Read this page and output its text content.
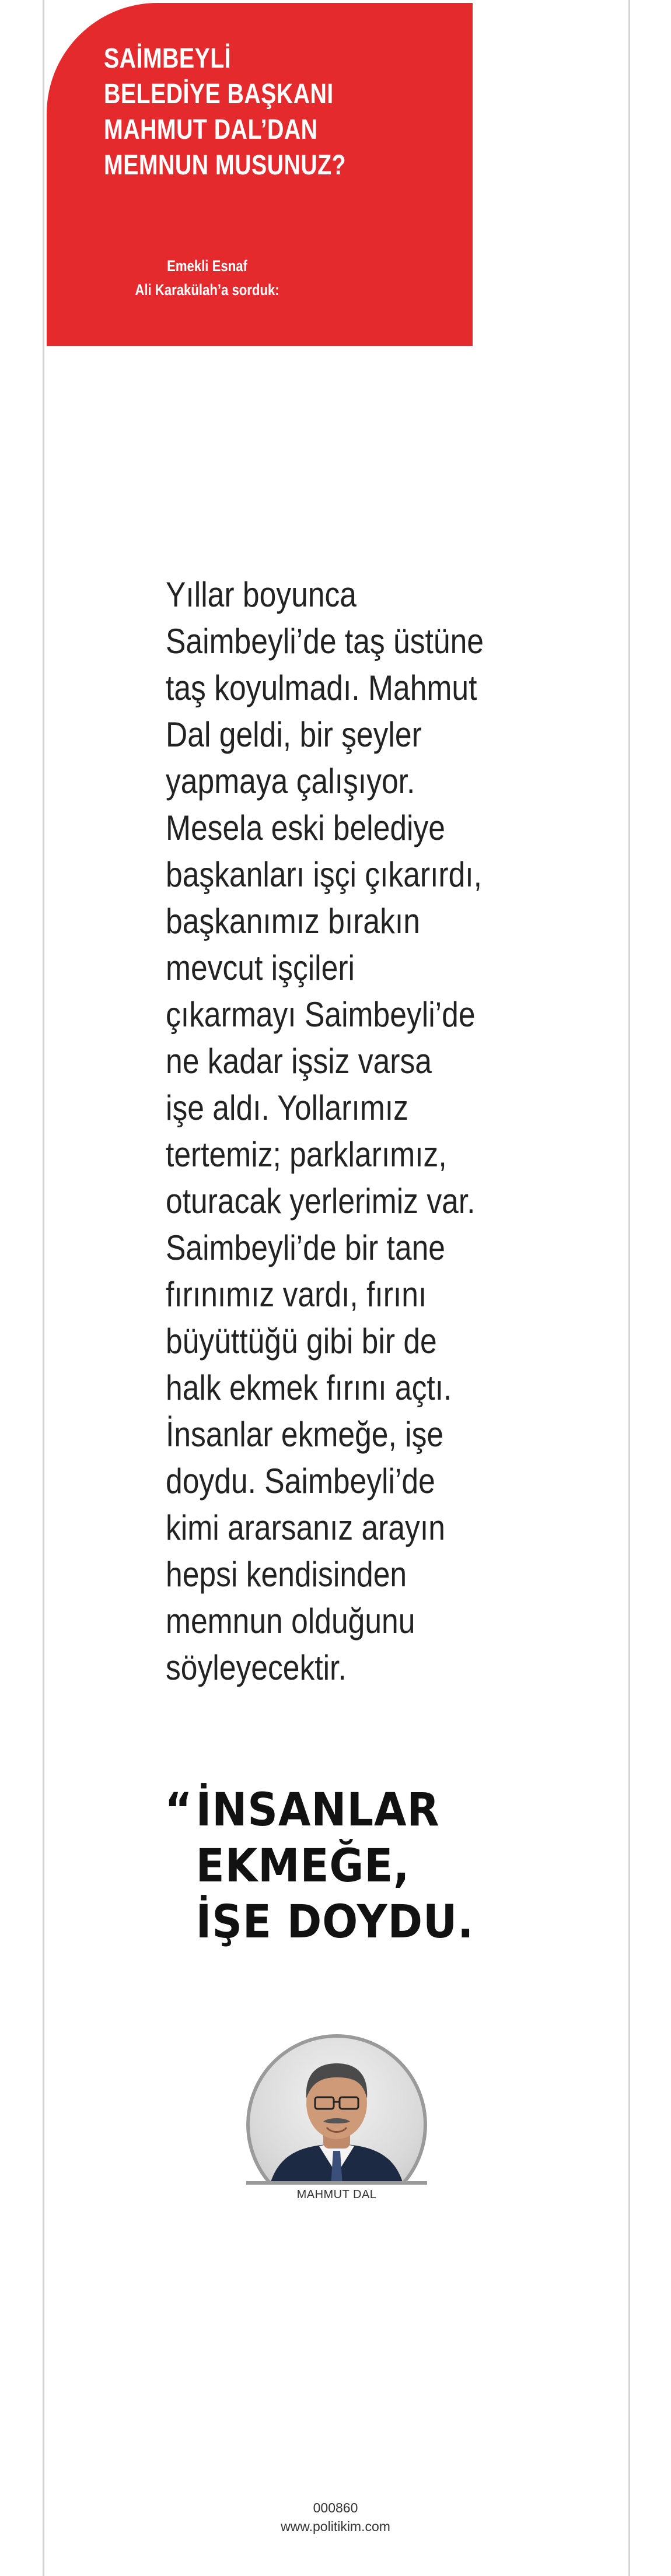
SAİMBEYLİ
BELEDİYE BAŞKANI
MAHMUT DAL’DAN
MEMNUN MUSUNUZ?
Emekli Esnaf
Ali Karakülah’a sorduk:
Yıllar boyunca
Saimbeyli’de taş üstüne
taş koyulmadı. Mahmut
Dal geldi, bir şeyler
yapmaya çalışıyor.
Mesela eski belediye
başkanları işçi çıkarırdı,
başkanımız bırakın
mevcut işçileri
çıkarmayı Saimbeyli’de
ne kadar işsiz varsa
işe aldı. Yollarımız
tertemiz; parklarımız,
oturacak yerlerimiz var.
Saimbeyli’de bir tane
fırınımız vardı, fırını
büyüttüğü gibi bir de
halk ekmek fırını açtı.
İnsanlar ekmeğe, işe
doydu. Saimbeyli’de
kimi ararsanız arayın
hepsi kendisinden
memnun olduğunu
söyleyecektir.
“ İNSANLAR
EKMEĞE,
İŞE DOYDU.
MAHMUT DAL
000860
www.politikim.com
